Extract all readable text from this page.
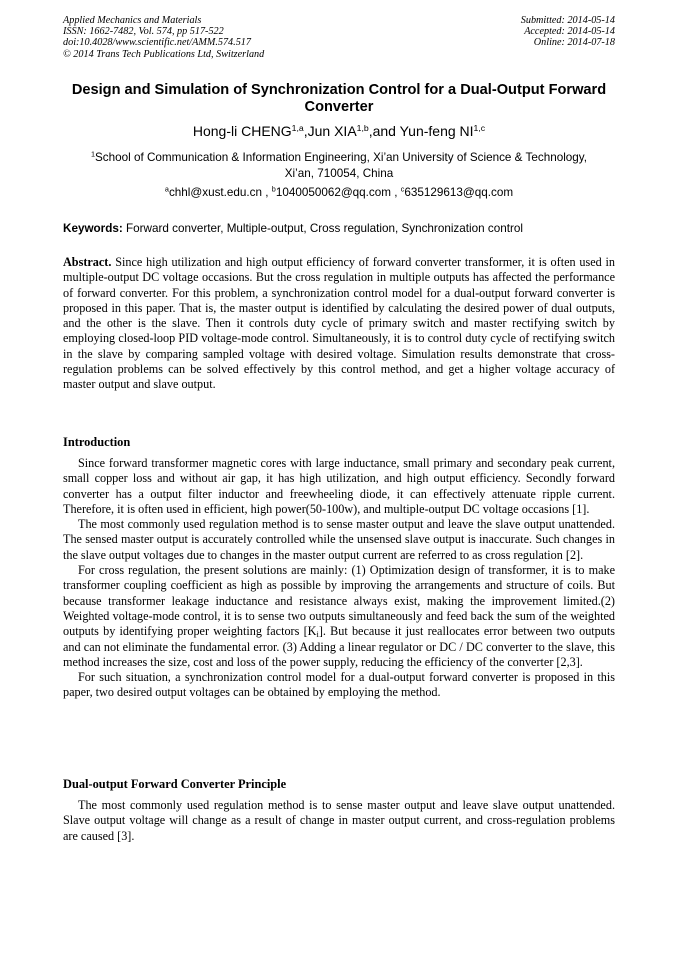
Applied Mechanics and Materials
ISSN: 1662-7482, Vol. 574, pp 517-522
doi:10.4028/www.scientific.net/AMM.574.517
© 2014 Trans Tech Publications Ltd, Switzerland
Submitted: 2014-05-14
Accepted: 2014-05-14
Online: 2014-07-18
Design and Simulation of Synchronization Control for a Dual-Output Forward Converter
Hong-li CHENG$^{1,a}$,Jun XIA$^{1,b}$,and Yun-feng NI$^{1,c}$
$^1$School of Communication & Information Engineering, Xi’an University of Science & Technology,
Xi’an, 710054, China
$^a$chhl@xust.edu.cn , $^b$1040050062@qq.com , $^c$635129613@qq.com
Keywords: Forward converter, Multiple-output, Cross regulation, Synchronization control
Abstract. Since high utilization and high output efficiency of forward converter transformer, it is often used in multiple-output DC voltage occasions. But the cross regulation in multiple outputs has affected the performance of forward converter. For this problem, a synchronization control model for a dual-output forward converter is proposed in this paper. That is, the master output is identified by calculating the desired power of dual outputs, and the other is the slave. Then it controls duty cycle of primary switch and master rectifying switch by employing closed-loop PID voltage-mode control. Simultaneously, it is to control duty cycle of rectifying switch in the slave by comparing sampled voltage with desired voltage. Simulation results demonstrate that cross-regulation problems can be solved effectively by this control method, and get a higher voltage accuracy of master output and slave output.
Introduction

Since forward transformer magnetic cores with large inductance, small primary and secondary peak current, small copper loss and without air gap, it has high utilization, and high output efficiency. Secondly forward converter has a output filter inductor and freewheeling diode, it can effectively attenuate ripple current. Therefore, it is often used in efficient, high power(50-100w), and multiple-output DC voltage occasions [1].

The most commonly used regulation method is to sense master output and leave the slave output unattended. The sensed master output is accurately controlled while the unsensed slave output is inaccurate. Such changes in the slave output voltages due to changes in the master output current are referred to as cross regulation [2].

For cross regulation, the present solutions are mainly: (1) Optimization design of transformer, it is to make transformer coupling coefficient as high as possible by improving the arrangements and structure of coils. But because transformer leakage inductance and resistance always exist, making the improvement limited.(2) Weighted voltage-mode control, it is to sense two outputs simultaneously and feed back the sum of the weighted outputs by identifying proper weighting factors $[K_i]$. But because it just reallocates error between two outputs and can not eliminate the fundamental error. (3) Adding a linear regulator or DC / DC converter to the slave, this method increases the size, cost and loss of the power supply, reducing the efficiency of the converter [2,3].

For such situation, a synchronization control model for a dual-output forward converter is proposed in this paper, two desired output voltages can be obtained by employing the method.

Dual-output Forward Converter Principle

The most commonly used regulation method is to sense master output and leave slave output unattended. Slave output voltage will change as a result of change in master output current, and cross-regulation problems are caused [3].
